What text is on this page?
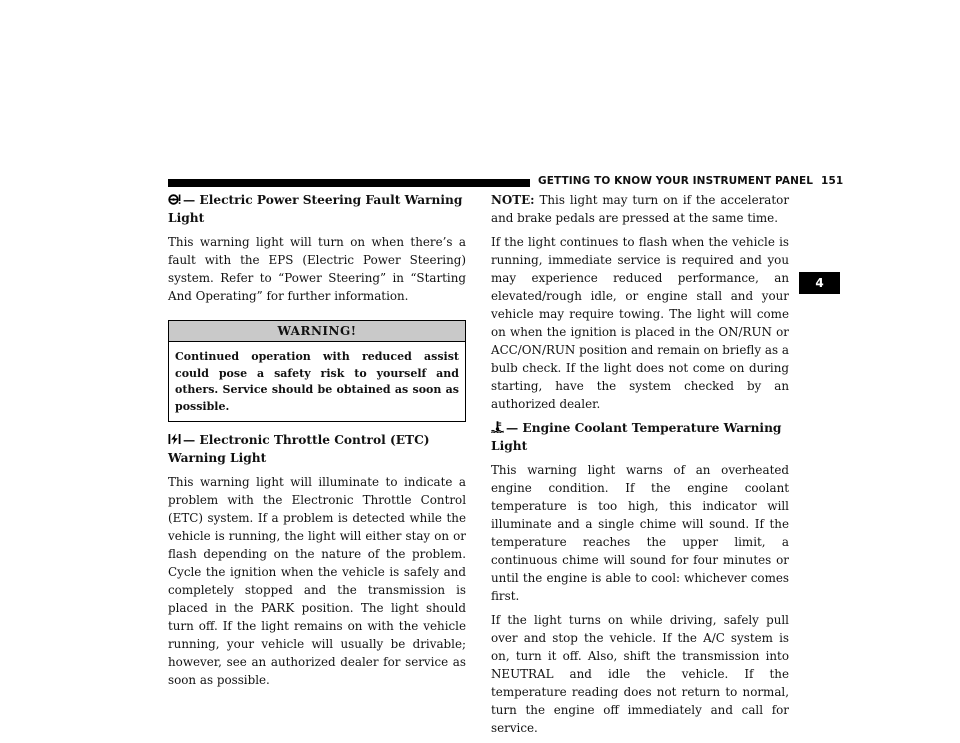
GETTING TO KNOW YOUR INSTRUMENT PANEL 151
4
— Electric Power Steering Fault Warning Light

This warning light will turn on when there’s a fault with the EPS (Electric Power Steering) system. Refer to “Power Steering” in “Starting And Operating” for further information.

WARNING!
Continued operation with reduced assist could pose a safety risk to yourself and others. Service should be obtained as soon as possible.
— Electronic Throttle Control (ETC) Warning Light

This warning light will illuminate to indicate a problem with the Electronic Throttle Control (ETC) system. If a problem is detected while the vehicle is running, the light will either stay on or flash depending on the nature of the problem. Cycle the ignition when the vehicle is safely and completely stopped and the transmission is placed in the PARK position. The light should turn off. If the light remains on with the vehicle running, your vehicle will usually be drivable; however, see an authorized dealer for service as soon as possible.

NOTE: This light may turn on if the accelerator and brake pedals are pressed at the same time.

If the light continues to flash when the vehicle is running, immediate service is required and you may experience reduced performance, an elevated/rough idle, or engine stall and your vehicle may require towing. The light will come on when the ignition is placed in the ON/RUN or ACC/ON/RUN position and remain on briefly as a bulb check. If the light does not come on during starting, have the system checked by an authorized dealer.

— Engine Coolant Temperature Warning Light

This warning light warns of an overheated engine condition. If the engine coolant temperature is too high, this indicator will illuminate and a single chime will sound. If the temperature reaches the upper limit, a continuous chime will sound for four minutes or until the engine is able to cool: whichever comes first.

If the light turns on while driving, safely pull over and stop the vehicle. If the A/C system is on, turn it off. Also, shift the transmission into NEUTRAL and idle the vehicle. If the temperature reading does not return to normal, turn the engine off immediately and call for service.
